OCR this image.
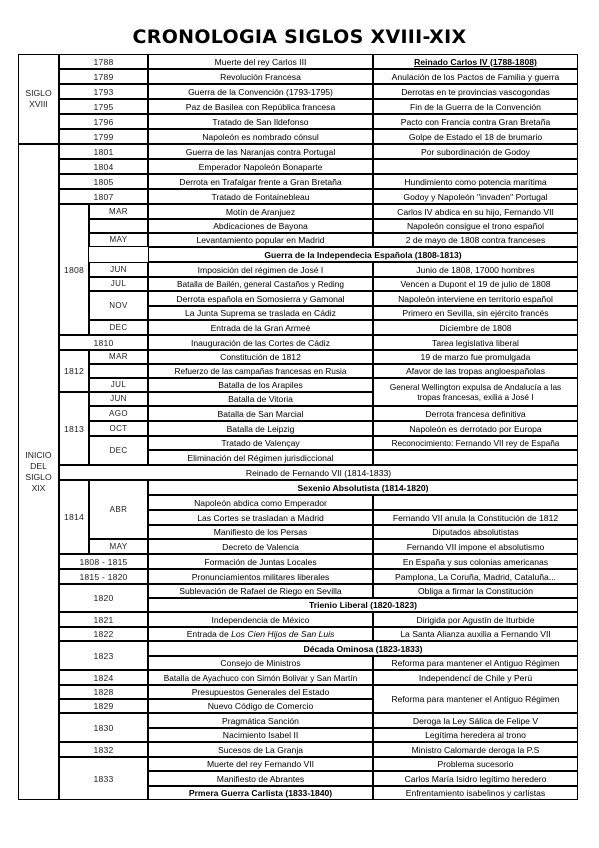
CRONOLOGIA SIGLOS XVIII-XIX
SIGLO XVIII
INICIO DEL SIGLO XIX
1788
1789
1793
1795
1796
1799
1801
1804
1805
1807
1808
1810
1812
1813
1814
1808 - 1815
1815 - 1820
1820
1821
1822
1823
1824
1828
1829
1830
1832
1833
MAR
MAY
JUN
JUL
NOV
DEC
MAR
JUL
JUN
AGO
OCT
DEC
ABR
MAY
Muerte del rey Carlos III
Revolución Francesa
Guerra de la Convención (1793-1795)
Paz de Basilea con República francesa
Tratado de San Ildefonso
Napoleón es nombrado cónsul
Guerra de las Naranjas contra Portugal
Emperador Napoleón Bonaparte
Derrota en Trafalgar frente a Gran Bretaña
Tratado de Fontainebleau
Motín de Aranjuez
Abdicaciones de Bayona
Levantamiento popular en Madrid
Imposición del régimen de José I
Batalla de Bailén, general Castaños y Reding
Derrota española en Somosierra y Gamonal
La Junta Suprema se traslada en Cádiz
Entrada de la Gran Armeè
Inauguración de las Cortes de Cádiz
Constitución de 1812
Refuerzo de las campañas francesas en Rusia
Batalla de los Arapiles
Batalla de Vitoria
Batalla de San Marcial
Batalla de Leipzig
Tratado de Valençay
Eliminación del Régimen jurisdiccional
Napoleón abdica como Emperador
Las Cortes se trasladan a Madrid
Manifiesto de los Persas
Decreto de Valencia
Formación de Juntas Locales
Pronunciamientos militares liberales
Sublevación de Rafael de Riego en Sevilla
Independencia de México
Entrada de Los Cien Hijos de San Luis
Consejo de Ministros
Batalla de Ayachuco con Simón Bolivar y San Martín
Presupuestos Generales del Estado
Nuevo Código de Comercio
Pragmática Sanción
Nacimiento Isabel II
Sucesos de La Granja
Muerte del rey Fernando VII
Manifiesto de Abrantes
Prmera Guerra Carlista (1833-1840)
Reinado Carlos IV (1788-1808)
Anulación de los Pactos de Familia y guerra
Derrotas en te provincias vascogondas
Fin de la Guerra de la Convención
Pacto con Francia contra Gran Bretaña
Golpe de Estado el 18 de brumario
Por subordinación de Godoy
Hundimiento como potencia marítima
Godoy y Napoleón "invaden" Portugal
Carlos IV abdica en su hijo, Fernando VII
Napoleón consigue el trono español
2 de mayo de 1808 contra franceses
Junio de 1808, 17000 hombres
Vencen a Dupont el 19 de julio de 1808
Napoleón interviene en territorio español
Primero en Sevilla, sin ejército francés
Diciembre de 1808
Tarea legislativa liberal
19 de marzo fue promulgada
Afavor de las tropas angloespañolas
General Wellington expulsa de Andalucía a las
tropas francesas, exilia a José I
Derrota francesa definitiva
Napoleón es derrotado por Europa
Reconocimiento: Fernando VII rey de España
Fernando VII anula la Constitución de 1812
Diputados absolutistas
Fernando VII impone el absolutismo
En España y sus colonias americanas
Pamplona, La Coruña, Madrid, Cataluña...
Obliga a firmar la Constitución
Dirigida por Agustín de Iturbide
La Santa Alianza auxilia a Fernando VII
Reforma para mantener el Antiguo Régimen
Independencí de Chile y Perú
Reforma para mantener el Antiguo Régimen
Deroga la Ley Sálica de Felipe V
Legítima heredera al trono
Ministro Calomarde deroga la P.S
Problema sucesorio
Carlos María Isidro legítimo heredero
Enfrentamiento isabelinos y carlistas
Guerra de la Independecia Española (1808-1813)
Reinado de Fernando VII (1814-1833)
Sexenio Absolutista (1814-1820)
Trienio Liberal (1820-1823)
Década Ominosa (1823-1833)
